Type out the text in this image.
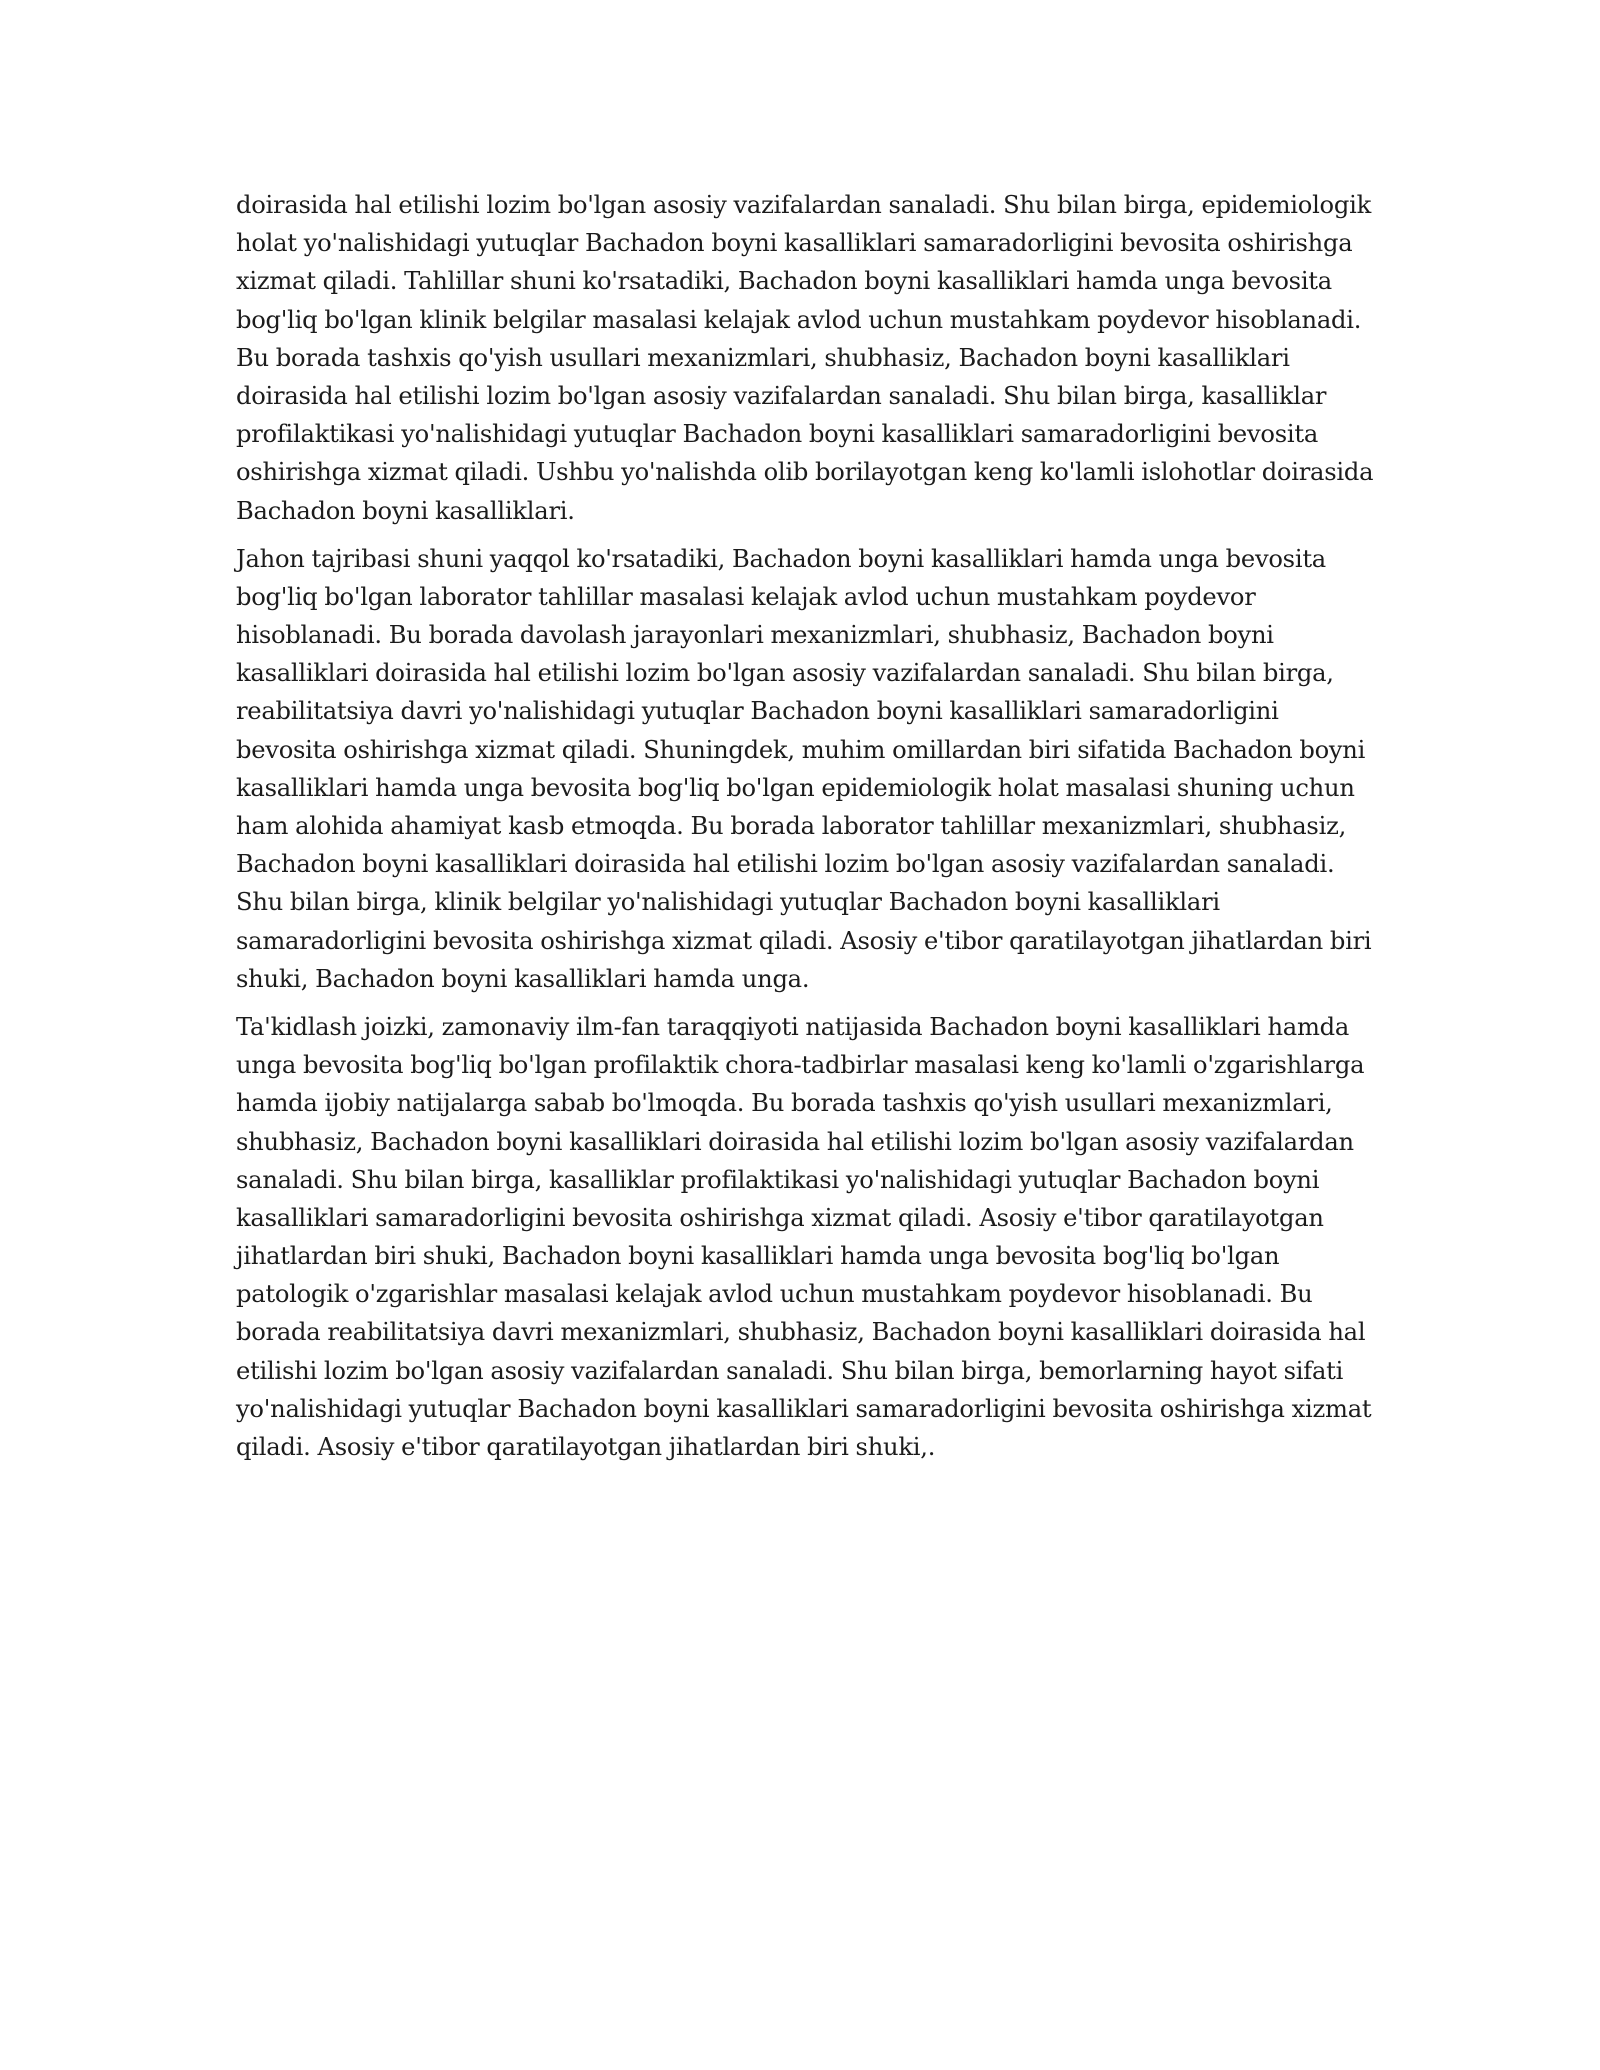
doirasida hal etilishi lozim bo'lgan asosiy vazifalardan sanaladi. Shu bilan birga, epidemiologik
holat yo'nalishidagi yutuqlar Bachadon boyni kasalliklari samaradorligini bevosita oshirishga
xizmat qiladi. Tahlillar shuni ko'rsatadiki, Bachadon boyni kasalliklari hamda unga bevosita
bog'liq bo'lgan klinik belgilar masalasi kelajak avlod uchun mustahkam poydevor hisoblanadi.
Bu borada tashxis qo'yish usullari mexanizmlari, shubhasiz, Bachadon boyni kasalliklari
doirasida hal etilishi lozim bo'lgan asosiy vazifalardan sanaladi. Shu bilan birga, kasalliklar
profilaktikasi yo'nalishidagi yutuqlar Bachadon boyni kasalliklari samaradorligini bevosita
oshirishga xizmat qiladi. Ushbu yo'nalishda olib borilayotgan keng ko'lamli islohotlar doirasida
Bachadon boyni kasalliklari.
Jahon tajribasi shuni yaqqol ko'rsatadiki, Bachadon boyni kasalliklari hamda unga bevosita
bog'liq bo'lgan laborator tahlillar masalasi kelajak avlod uchun mustahkam poydevor
hisoblanadi. Bu borada davolash jarayonlari mexanizmlari, shubhasiz, Bachadon boyni
kasalliklari doirasida hal etilishi lozim bo'lgan asosiy vazifalardan sanaladi. Shu bilan birga,
reabilitatsiya davri yo'nalishidagi yutuqlar Bachadon boyni kasalliklari samaradorligini
bevosita oshirishga xizmat qiladi. Shuningdek, muhim omillardan biri sifatida Bachadon boyni
kasalliklari hamda unga bevosita bog'liq bo'lgan epidemiologik holat masalasi shuning uchun
ham alohida ahamiyat kasb etmoqda. Bu borada laborator tahlillar mexanizmlari, shubhasiz,
Bachadon boyni kasalliklari doirasida hal etilishi lozim bo'lgan asosiy vazifalardan sanaladi.
Shu bilan birga, klinik belgilar yo'nalishidagi yutuqlar Bachadon boyni kasalliklari
samaradorligini bevosita oshirishga xizmat qiladi. Asosiy e'tibor qaratilayotgan jihatlardan biri
shuki, Bachadon boyni kasalliklari hamda unga.
Ta'kidlash joizki, zamonaviy ilm-fan taraqqiyoti natijasida Bachadon boyni kasalliklari hamda
unga bevosita bog'liq bo'lgan profilaktik chora-tadbirlar masalasi keng ko'lamli o'zgarishlarga
hamda ijobiy natijalarga sabab bo'lmoqda. Bu borada tashxis qo'yish usullari mexanizmlari,
shubhasiz, Bachadon boyni kasalliklari doirasida hal etilishi lozim bo'lgan asosiy vazifalardan
sanaladi. Shu bilan birga, kasalliklar profilaktikasi yo'nalishidagi yutuqlar Bachadon boyni
kasalliklari samaradorligini bevosita oshirishga xizmat qiladi. Asosiy e'tibor qaratilayotgan
jihatlardan biri shuki, Bachadon boyni kasalliklari hamda unga bevosita bog'liq bo'lgan
patologik o'zgarishlar masalasi kelajak avlod uchun mustahkam poydevor hisoblanadi. Bu
borada reabilitatsiya davri mexanizmlari, shubhasiz, Bachadon boyni kasalliklari doirasida hal
etilishi lozim bo'lgan asosiy vazifalardan sanaladi. Shu bilan birga, bemorlarning hayot sifati
yo'nalishidagi yutuqlar Bachadon boyni kasalliklari samaradorligini bevosita oshirishga xizmat
qiladi. Asosiy e'tibor qaratilayotgan jihatlardan biri shuki,.
